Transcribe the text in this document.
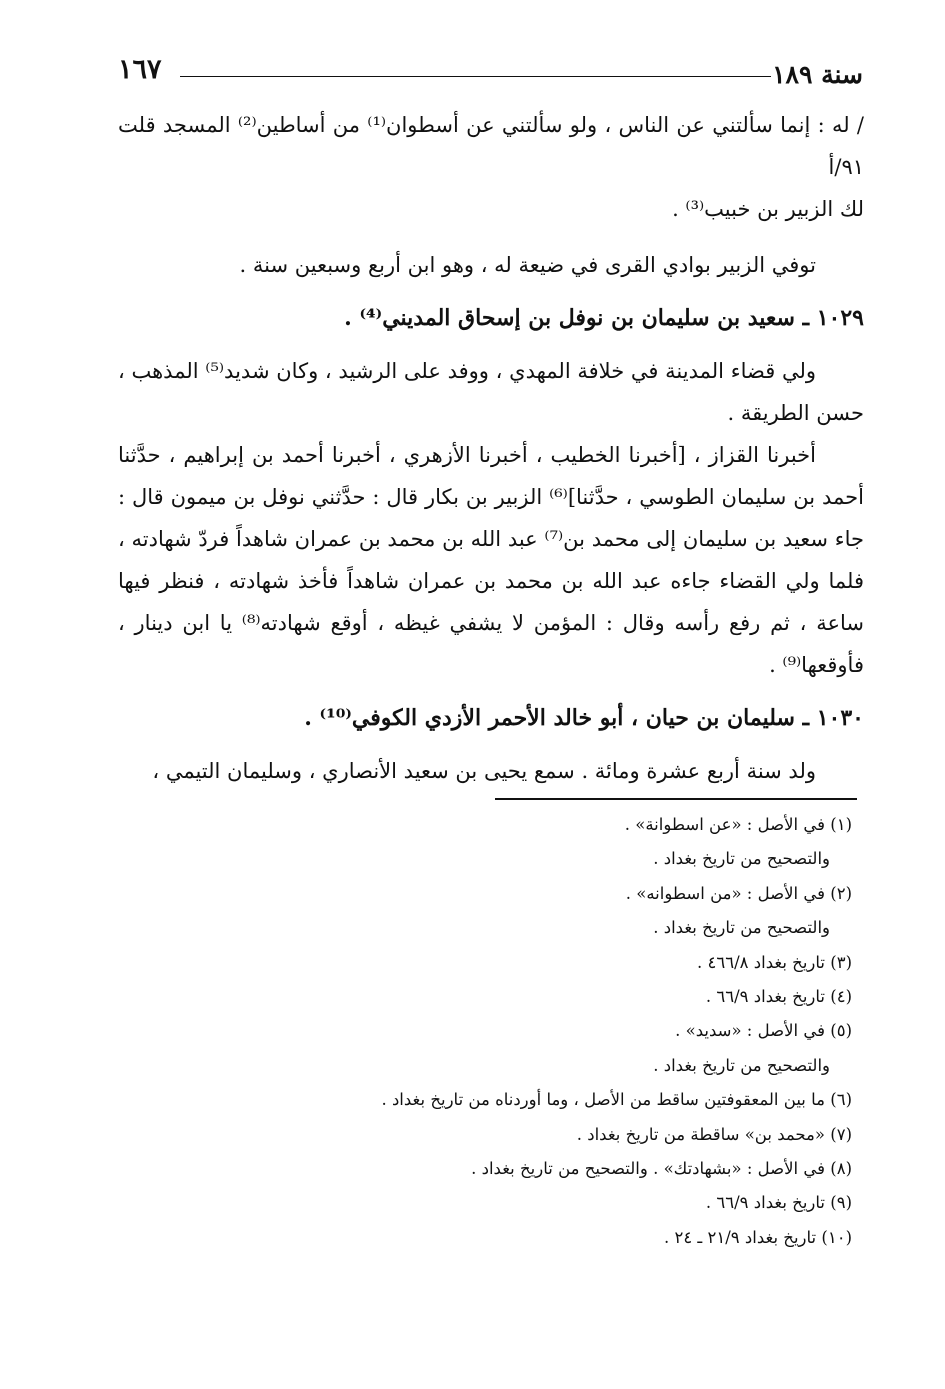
سنة ١٨٩
١٦٧

/ له : إنما سألتني عن الناس ، ولو سألتني عن أسطوان⁽¹⁾ من أساطين⁽²⁾ المسجد قلت ٩١/أ

لك الزبير بن خبيب⁽³⁾ .

توفي الزبير بوادي القرى في ضيعة له ، وهو ابن أربع وسبعين سنة .

١٠٢٩ ـ سعيد بن سليمان بن نوفل بن إسحاق المديني⁽⁴⁾ .

ولي قضاء المدينة في خلافة المهدي ، ووفد على الرشيد ، وكان شديد⁽⁵⁾ المذهب ، حسن الطريقة .

أخبرنا القزاز ، [أخبرنا الخطيب ، أخبرنا الأزهري ، أخبرنا أحمد بن إبراهيم ، حدَّثنا أحمد بن سليمان الطوسي ، حدَّثنا]⁽⁶⁾ الزبير بن بكار قال : حدَّثني نوفل بن ميمون قال : جاء سعيد بن سليمان إلى محمد بن⁽⁷⁾ عبد الله بن محمد بن عمران شاهداً فردّ شهادته ، فلما ولي القضاء جاءه عبد الله بن محمد بن عمران شاهداً فأخذ شهادته ، فنظر فيها ساعة ، ثم رفع رأسه وقال : المؤمن لا يشفي غيظه ، أوقع شهادته⁽⁸⁾ يا ابن دينار ، فأوقعها⁽⁹⁾ .

١٠٣٠ ـ سليمان بن حيان ، أبو خالد الأحمر الأزدي الكوفي⁽¹⁰⁾ .

ولد سنة أربع عشرة ومائة . سمع يحيى بن سعيد الأنصاري ، وسليمان التيمي ،

(١) في الأصل : «عن اسطوانة» .

والتصحيح من تاريخ بغداد .

(٢) في الأصل : «من اسطوانه» .

والتصحيح من تاريخ بغداد .

(٣) تاريخ بغداد ٤٦٦/٨ .

(٤) تاريخ بغداد ٦٦/٩ .

(٥) في الأصل : «سديد» .

والتصحيح من تاريخ بغداد .

(٦) ما بين المعقوفتين ساقط من الأصل ، وما أوردناه من تاريخ بغداد .

(٧) «محمد بن» ساقطة من تاريخ بغداد .

(٨) في الأصل : «بشهادتك» . والتصحيح من تاريخ بغداد .

(٩) تاريخ بغداد ٦٦/٩ .

(١٠) تاريخ بغداد ٢١/٩ ـ ٢٤ .
